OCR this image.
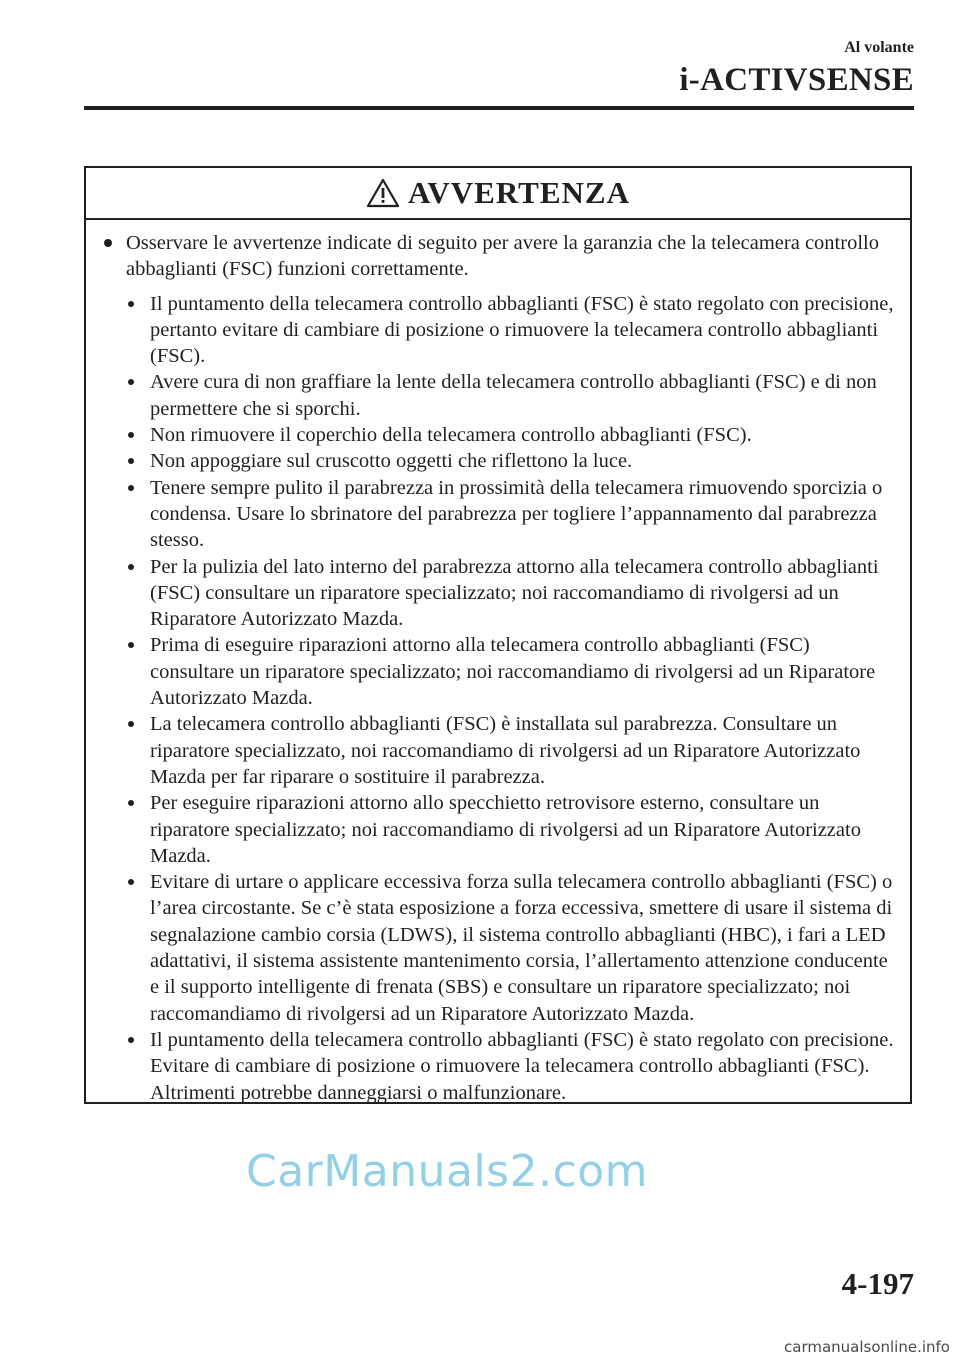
Al volante
i-ACTIVSENSE
AVVERTENZA
Osservare le avvertenze indicate di seguito per avere la garanzia che la telecamera controllo abbaglianti (FSC) funzioni correttamente.
Il puntamento della telecamera controllo abbaglianti (FSC) è stato regolato con precisione, pertanto evitare di cambiare di posizione o rimuovere la telecamera controllo abbaglianti (FSC).
Avere cura di non graffiare la lente della telecamera controllo abbaglianti (FSC) e di non permettere che si sporchi.
Non rimuovere il coperchio della telecamera controllo abbaglianti (FSC).
Non appoggiare sul cruscotto oggetti che riflettono la luce.
Tenere sempre pulito il parabrezza in prossimità della telecamera rimuovendo sporcizia o condensa. Usare lo sbrinatore del parabrezza per togliere l’appannamento dal parabrezza stesso.
Per la pulizia del lato interno del parabrezza attorno alla telecamera controllo abbaglianti (FSC) consultare un riparatore specializzato; noi raccomandiamo di rivolgersi ad un Riparatore Autorizzato Mazda.
Prima di eseguire riparazioni attorno alla telecamera controllo abbaglianti (FSC) consultare un riparatore specializzato; noi raccomandiamo di rivolgersi ad un Riparatore Autorizzato Mazda.
La telecamera controllo abbaglianti (FSC) è installata sul parabrezza. Consultare un riparatore specializzato, noi raccomandiamo di rivolgersi ad un Riparatore Autorizzato Mazda per far riparare o sostituire il parabrezza.
Per eseguire riparazioni attorno allo specchietto retrovisore esterno, consultare un riparatore specializzato; noi raccomandiamo di rivolgersi ad un Riparatore Autorizzato Mazda.
Evitare di urtare o applicare eccessiva forza sulla telecamera controllo abbaglianti (FSC) o l’area circostante. Se c’è stata esposizione a forza eccessiva, smettere di usare il sistema di segnalazione cambio corsia (LDWS), il sistema controllo abbaglianti (HBC), i fari a LED adattativi, il sistema assistente mantenimento corsia, l’allertamento attenzione conducente e il supporto intelligente di frenata (SBS) e consultare un riparatore specializzato; noi raccomandiamo di rivolgersi ad un Riparatore Autorizzato Mazda.
Il puntamento della telecamera controllo abbaglianti (FSC) è stato regolato con precisione. Evitare di cambiare di posizione o rimuovere la telecamera controllo abbaglianti (FSC). Altrimenti potrebbe danneggiarsi o malfunzionare.
CarManuals2.com
4-197
carmanualsonline.info
